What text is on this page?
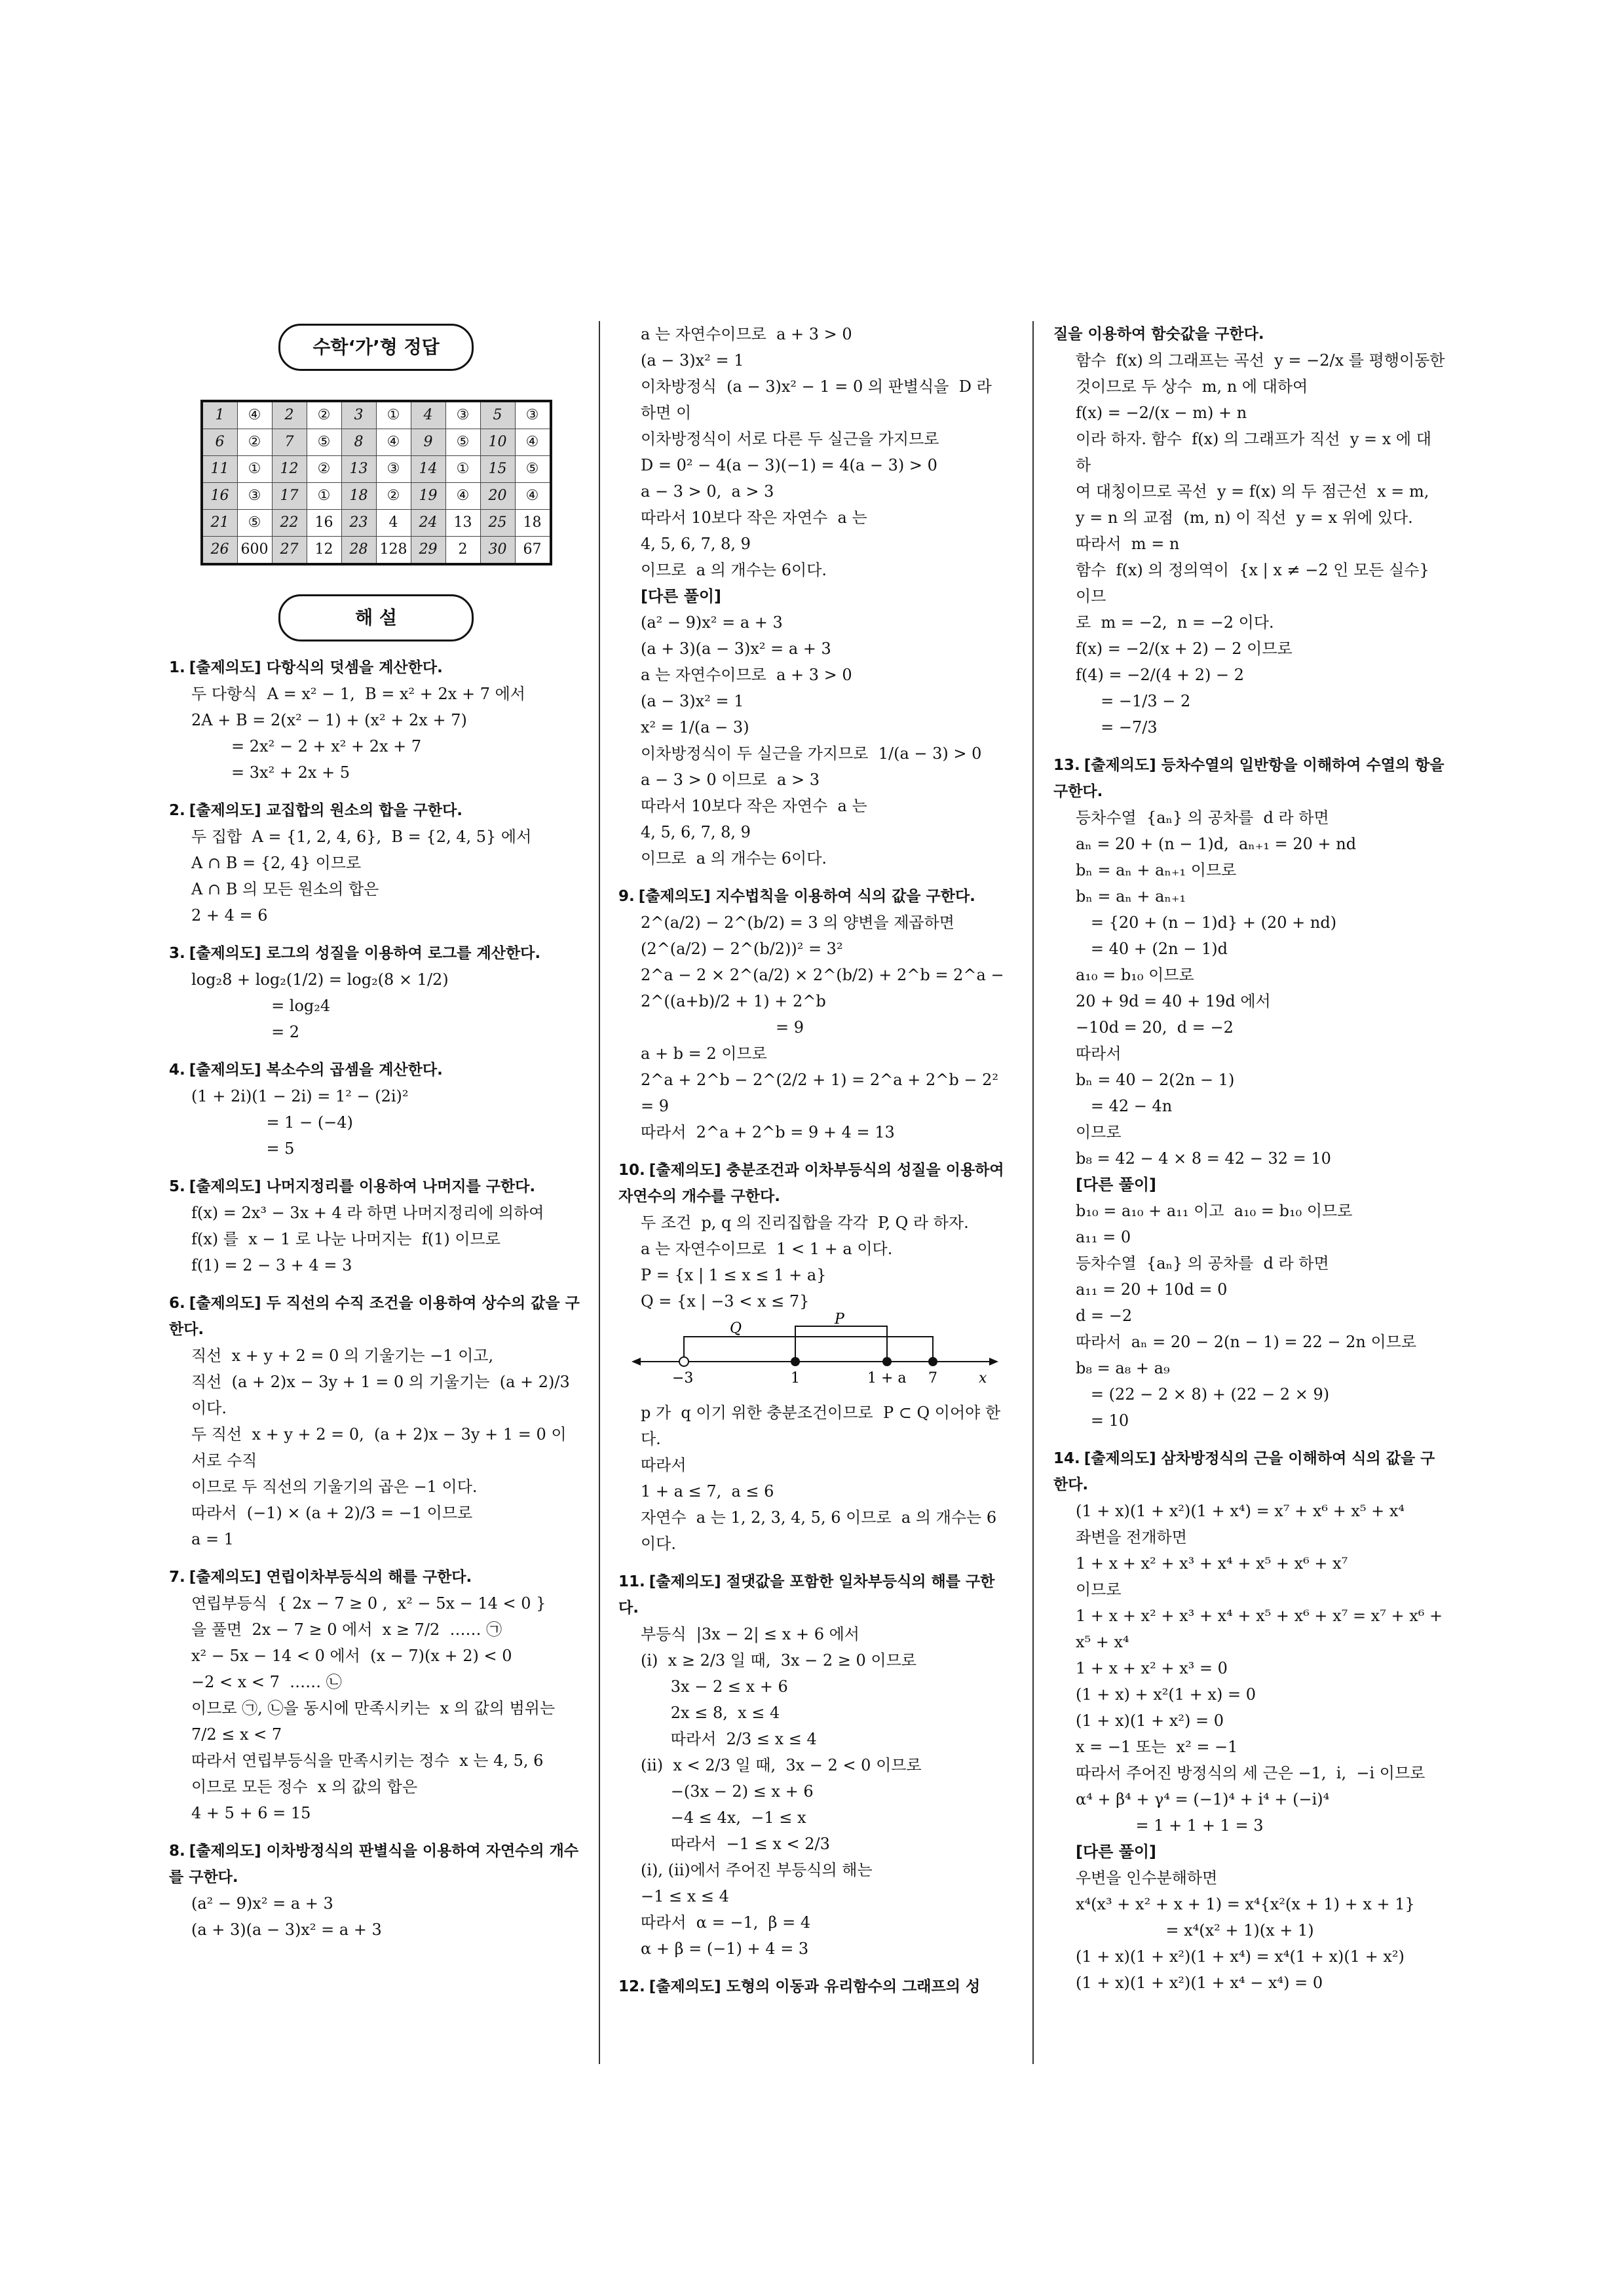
수학‘가’형 정답
1	④	2	②	3	①	4	③	5	③
6	②	7	⑤	8	④	9	⑤	10	④
11	①	12	②	13	③	14	①	15	⑤
16	③	17	①	18	②	19	④	20	④
21	⑤	22	16	23	4	24	13	25	18
26	600	27	12	28	128	29	2	30	67
해 설
1. [출제의도] 다항식의 덧셈을 계산한다.
두 다항식  A = x² − 1,  B = x² + 2x + 7 에서
2A + B = 2(x² − 1) + (x² + 2x + 7)
= 2x² − 2 + x² + 2x + 7
= 3x² + 2x + 5
2. [출제의도] 교집합의 원소의 합을 구한다.
두 집합  A = {1, 2, 4, 6},  B = {2, 4, 5} 에서
A ∩ B = {2, 4} 이므로
A ∩ B 의 모든 원소의 합은
2 + 4 = 6
3. [출제의도] 로그의 성질을 이용하여 로그를 계산한다.
log₂8 + log₂(1/2) = log₂(8 × 1/2)
= log₂4
= 2
4. [출제의도] 복소수의 곱셈을 계산한다.
(1 + 2i)(1 − 2i) = 1² − (2i)²
= 1 − (−4)
= 5
5. [출제의도] 나머지정리를 이용하여 나머지를 구한다.
f(x) = 2x³ − 3x + 4 라 하면 나머지정리에 의하여
f(x) 를  x − 1 로 나눈 나머지는  f(1) 이므로
f(1) = 2 − 3 + 4 = 3
6. [출제의도] 두 직선의 수직 조건을 이용하여 상수의 값을 구한다.
직선  x + y + 2 = 0 의 기울기는 −1 이고,
직선  (a + 2)x − 3y + 1 = 0 의 기울기는  (a + 2)/3  이다.
두 직선  x + y + 2 = 0,  (a + 2)x − 3y + 1 = 0 이 서로 수직
이므로 두 직선의 기울기의 곱은 −1 이다.
따라서  (−1) × (a + 2)/3 = −1 이므로
a = 1
7. [출제의도] 연립이차부등식의 해를 구한다.
연립부등식  { 2x − 7 ≥ 0 ,  x² − 5x − 14 < 0 }
을 풀면  2x − 7 ≥ 0 에서  x ≥ 7/2  …… ㉠
x² − 5x − 14 < 0 에서  (x − 7)(x + 2) < 0
−2 < x < 7  …… ㉡
이므로 ㉠, ㉡을 동시에 만족시키는  x 의 값의 범위는
7/2 ≤ x < 7
따라서 연립부등식을 만족시키는 정수  x 는 4, 5, 6
이므로 모든 정수  x 의 값의 합은
4 + 5 + 6 = 15
8. [출제의도] 이차방정식의 판별식을 이용하여 자연수의 개수를 구한다.
(a² − 9)x² = a + 3
(a + 3)(a − 3)x² = a + 3
a 는 자연수이므로  a + 3 > 0
(a − 3)x² = 1
이차방정식  (a − 3)x² − 1 = 0 의 판별식을  D 라 하면 이
이차방정식이 서로 다른 두 실근을 가지므로
D = 0² − 4(a − 3)(−1) = 4(a − 3) > 0
a − 3 > 0,  a > 3
따라서 10보다 작은 자연수  a 는
4, 5, 6, 7, 8, 9
이므로  a 의 개수는 6이다.
[다른 풀이]
(a² − 9)x² = a + 3
(a + 3)(a − 3)x² = a + 3
a 는 자연수이므로  a + 3 > 0
(a − 3)x² = 1
x² = 1/(a − 3)
이차방정식이 두 실근을 가지므로  1/(a − 3) > 0
a − 3 > 0 이므로  a > 3
따라서 10보다 작은 자연수  a 는
4, 5, 6, 7, 8, 9
이므로  a 의 개수는 6이다.
9. [출제의도] 지수법칙을 이용하여 식의 값을 구한다.
2^(a/2) − 2^(b/2) = 3 의 양변을 제곱하면
(2^(a/2) − 2^(b/2))² = 3²
2^a − 2 × 2^(a/2) × 2^(b/2) + 2^b = 2^a − 2^((a+b)/2 + 1) + 2^b
= 9
a + b = 2 이므로
2^a + 2^b − 2^(2/2 + 1) = 2^a + 2^b − 2² = 9
따라서  2^a + 2^b = 9 + 4 = 13
10. [출제의도] 충분조건과 이차부등식의 성질을 이용하여 자연수의 개수를 구한다.
두 조건  p, q 의 진리집합을 각각  P, Q 라 하자.
a 는 자연수이므로  1 < 1 + a 이다.
P = {x | 1 ≤ x ≤ 1 + a}
Q = {x | −3 < x ≤ 7}
Q
P
−3	1	1 + a 7	x
p 가  q 이기 위한 충분조건이므로  P ⊂ Q 이어야 한다.
따라서
1 + a ≤ 7,  a ≤ 6
자연수  a 는 1, 2, 3, 4, 5, 6 이므로  a 의 개수는 6
이다.
11. [출제의도] 절댓값을 포함한 일차부등식의 해를 구한다.
부등식  |3x − 2| ≤ x + 6 에서
(ⅰ)  x ≥ 2/3 일 때,  3x − 2 ≥ 0 이므로
3x − 2 ≤ x + 6
2x ≤ 8,  x ≤ 4
따라서  2/3 ≤ x ≤ 4
(ⅱ)  x < 2/3 일 때,  3x − 2 < 0 이므로
−(3x − 2) ≤ x + 6
−4 ≤ 4x,  −1 ≤ x
따라서  −1 ≤ x < 2/3
(ⅰ), (ⅱ)에서 주어진 부등식의 해는
−1 ≤ x ≤ 4
따라서  α = −1,  β = 4
α + β = (−1) + 4 = 3
12. [출제의도] 도형의 이동과 유리함수의 그래프의 성
질을 이용하여 함숫값을 구한다.
함수  f(x) 의 그래프는 곡선  y = −2/x 를 평행이동한
것이므로 두 상수  m, n 에 대하여
f(x) = −2/(x − m) + n
이라 하자. 함수  f(x) 의 그래프가 직선  y = x 에 대하
여 대칭이므로 곡선  y = f(x) 의 두 점근선  x = m,
y = n 의 교점  (m, n) 이 직선  y = x 위에 있다.
따라서  m = n
함수  f(x) 의 정의역이  {x | x ≠ −2 인 모든 실수} 이므
로  m = −2,  n = −2 이다.
f(x) = −2/(x + 2) − 2 이므로
f(4) = −2/(4 + 2) − 2
= −1/3 − 2
= −7/3
13. [출제의도] 등차수열의 일반항을 이해하여 수열의 항을 구한다.
등차수열  {aₙ} 의 공차를  d 라 하면
aₙ = 20 + (n − 1)d,  aₙ₊₁ = 20 + nd
bₙ = aₙ + aₙ₊₁ 이므로
bₙ = aₙ + aₙ₊₁
= {20 + (n − 1)d} + (20 + nd)
= 40 + (2n − 1)d
a₁₀ = b₁₀ 이므로
20 + 9d = 40 + 19d 에서
−10d = 20,  d = −2
따라서
bₙ = 40 − 2(2n − 1)
= 42 − 4n
이므로
b₈ = 42 − 4 × 8 = 42 − 32 = 10
[다른 풀이]
b₁₀ = a₁₀ + a₁₁ 이고  a₁₀ = b₁₀ 이므로
a₁₁ = 0
등차수열  {aₙ} 의 공차를  d 라 하면
a₁₁ = 20 + 10d = 0
d = −2
따라서  aₙ = 20 − 2(n − 1) = 22 − 2n 이므로
b₈ = a₈ + a₉
= (22 − 2 × 8) + (22 − 2 × 9)
= 10
14. [출제의도] 삼차방정식의 근을 이해하여 식의 값을 구한다.
(1 + x)(1 + x²)(1 + x⁴) = x⁷ + x⁶ + x⁵ + x⁴
좌변을 전개하면
1 + x + x² + x³ + x⁴ + x⁵ + x⁶ + x⁷
이므로
1 + x + x² + x³ + x⁴ + x⁵ + x⁶ + x⁷ = x⁷ + x⁶ + x⁵ + x⁴
1 + x + x² + x³ = 0
(1 + x) + x²(1 + x) = 0
(1 + x)(1 + x²) = 0
x = −1 또는  x² = −1
따라서 주어진 방정식의 세 근은 −1,  i,  −i 이므로
α⁴ + β⁴ + γ⁴ = (−1)⁴ + i⁴ + (−i)⁴
= 1 + 1 + 1 = 3
[다른 풀이]
우변을 인수분해하면
x⁴(x³ + x² + x + 1) = x⁴{x²(x + 1) + x + 1}
= x⁴(x² + 1)(x + 1)
(1 + x)(1 + x²)(1 + x⁴) = x⁴(1 + x)(1 + x²)
(1 + x)(1 + x²)(1 + x⁴ − x⁴) = 0
